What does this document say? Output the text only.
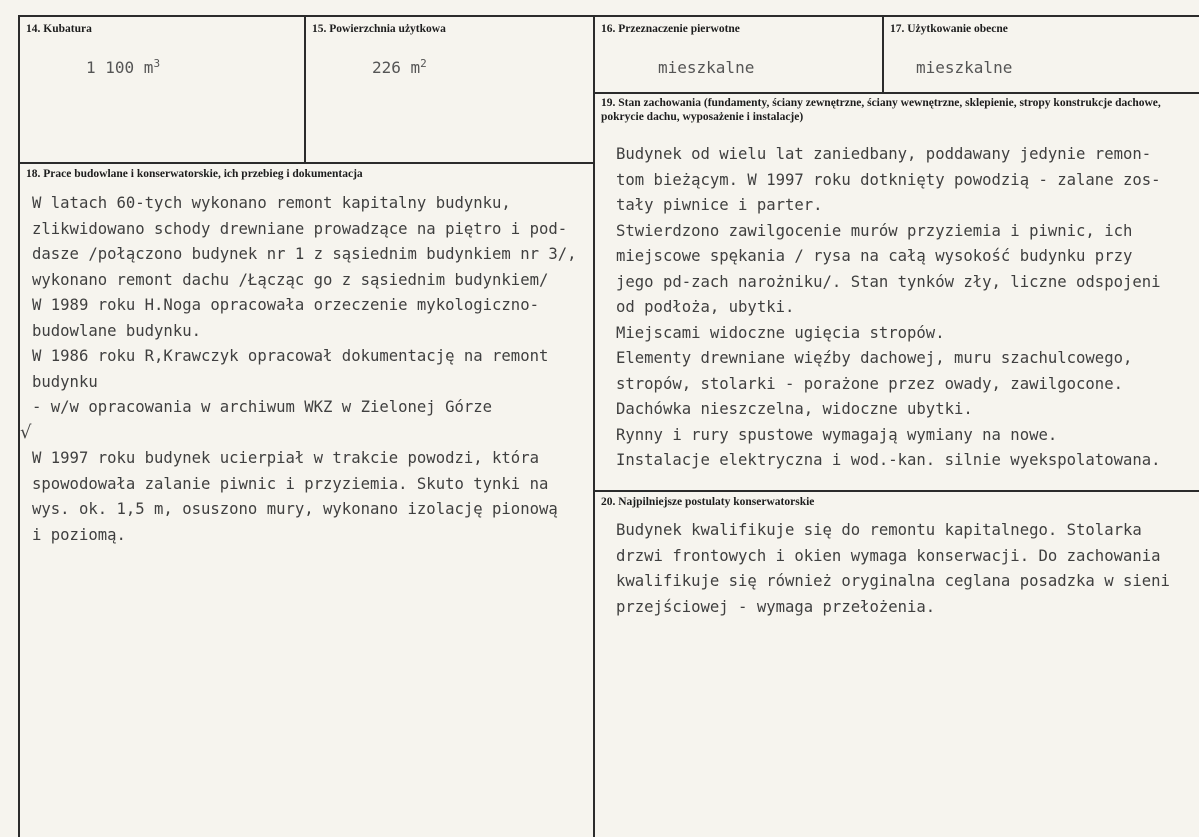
14. Kubatura
1 100 $m^3$
15. Powierzchnia użytkowa
226 $m^2$
16. Przeznaczenie pierwotne
mieszkalne
17. Użytkowanie obecne
mieszkalne
18. Prace budowlane i konserwatorskie, ich przebieg i dokumentacja
W latach 60-tych wykonano remont kapitalny budynku,
zlikwidowano schody drewniane prowadzące na piętro i pod-
dasze /połączono budynek nr 1 z sąsiednim budynkiem nr 3/,
wykonano remont dachu /Łącząc go z sąsiednim budynkiem/
W 1989 roku H.Noga opracowała orzeczenie mykologiczno-
budowlane budynku.
W 1986 roku R,Krawczyk opracował dokumentację na remont
budynku
- w/w opracowania w archiwum WKZ w Zielonej Górze
W 1997 roku budynek ucierpiał w trakcie powodzi, która
spowodowała zalanie piwnic i przyziemia. Skuto tynki na
wys. ok. 1,5 m, osuszono mury, wykonano izolację pionową
i poziomą.
√
19. Stan zachowania (fundamenty, ściany zewnętrzne, ściany wewnętrzne, sklepienie, stropy konstrukcje dachowe, pokrycie dachu, wyposażenie i instalacje)
Budynek od wielu lat zaniedbany, poddawany jedynie remon-
tom bieżącym. W 1997 roku dotknięty powodzią - zalane zos-
tały piwnice i parter.
Stwierdzono zawilgocenie murów przyziemia i piwnic, ich
miejscowe spękania / rysa na całą wysokość budynku przy
jego pd-zach narożniku/. Stan tynków zły, liczne odspojeni
od podłoża, ubytki.
Miejscami widoczne ugięcia stropów.
Elementy drewniane więźby dachowej, muru szachulcowego,
stropów, stolarki - porażone przez owady, zawilgocone.
Dachówka nieszczelna, widoczne ubytki.
Rynny i rury spustowe wymagają wymiany na nowe.
Instalacje elektryczna i wod.-kan. silnie wyekspolatowana.
20. Najpilniejsze postulaty konserwatorskie
Budynek kwalifikuje się do remontu kapitalnego. Stolarka
drzwi frontowych i okien wymaga konserwacji. Do zachowania
kwalifikuje się również oryginalna ceglana posadzka w sieni
przejściowej - wymaga przełożenia.
